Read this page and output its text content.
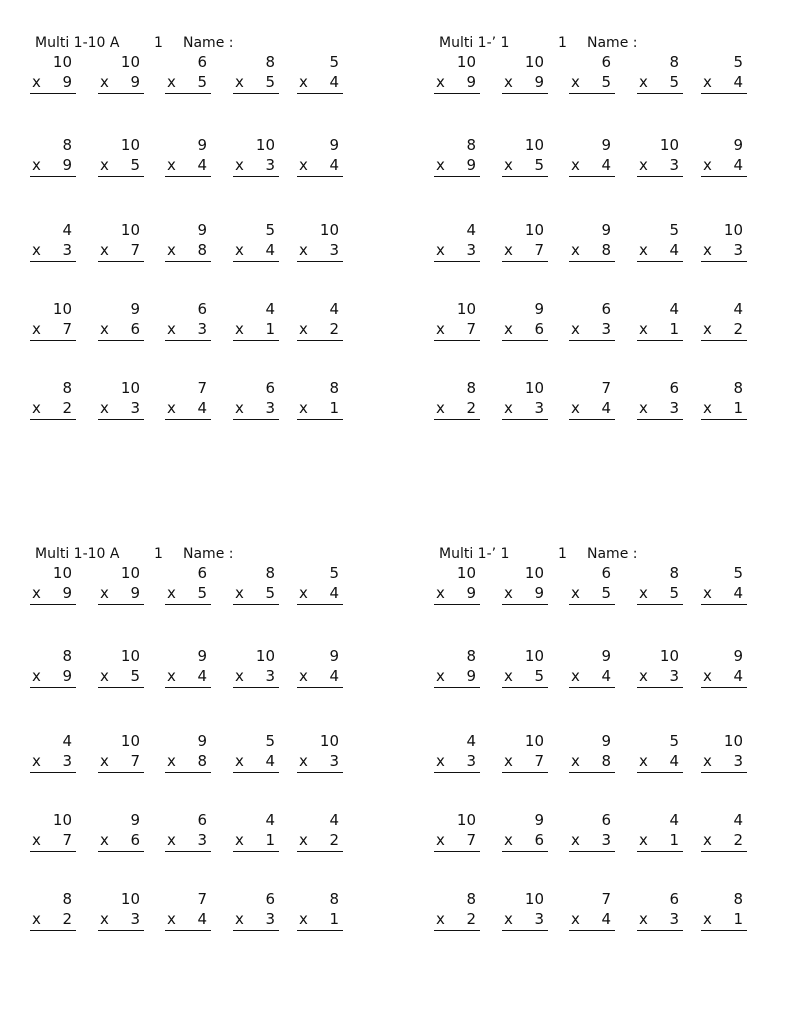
Multi 1-10 A 1 Name :
10
x 9
10
x 9
6
x 5
8
x 5
5
x 4
8
x 9
10
x 5
9
x 4
10
x 3
9
x 4
4
x 3
10
x 7
9
x 8
5
x 4
10
x 3
10
x 7
9
x 6
6
x 3
4
x 1
4
x 2
8
x 2
10
x 3
7
x 4
6
x 3
8
x 1
Multi 1-’ 1	1 Name :
10
x 9
10
x 9
6
x 5
8
x 5
5
x 4
8
x 9
10
x 5
9
x 4
10
x 3
9
x 4
4
x 3
10
x 7
9
x 8
5
x 4
10
x 3
10
x 7
9
x 6
6
x 3
4
x 1
4
x 2
8
x 2
10
x 3
7
x 4
6
x 3
8
x 1
Multi 1-10 A 1 Name :
10
x 9
10
x 9
6
x 5
8
x 5
5
x 4
8
x 9
10
x 5
9
x 4
10
x 3
9
x 4
4
x 3
10
x 7
9
x 8
5
x 4
10
x 3
10
x 7
9
x 6
6
x 3
4
x 1
4
x 2
8
x 2
10
x 3
7
x 4
6
x 3
8
x 1
Multi 1-’ 1	1 Name :
10
x 9
10
x 9
6
x 5
8
x 5
5
x 4
8
x 9
10
x 5
9
x 4
10
x 3
9
x 4
4
x 3
10
x 7
9
x 8
5
x 4
10
x 3
10
x 7
9
x 6
6
x 3
4
x 1
4
x 2
8
x 2
10
x 3
7
x 4
6
x 3
8
x 1
